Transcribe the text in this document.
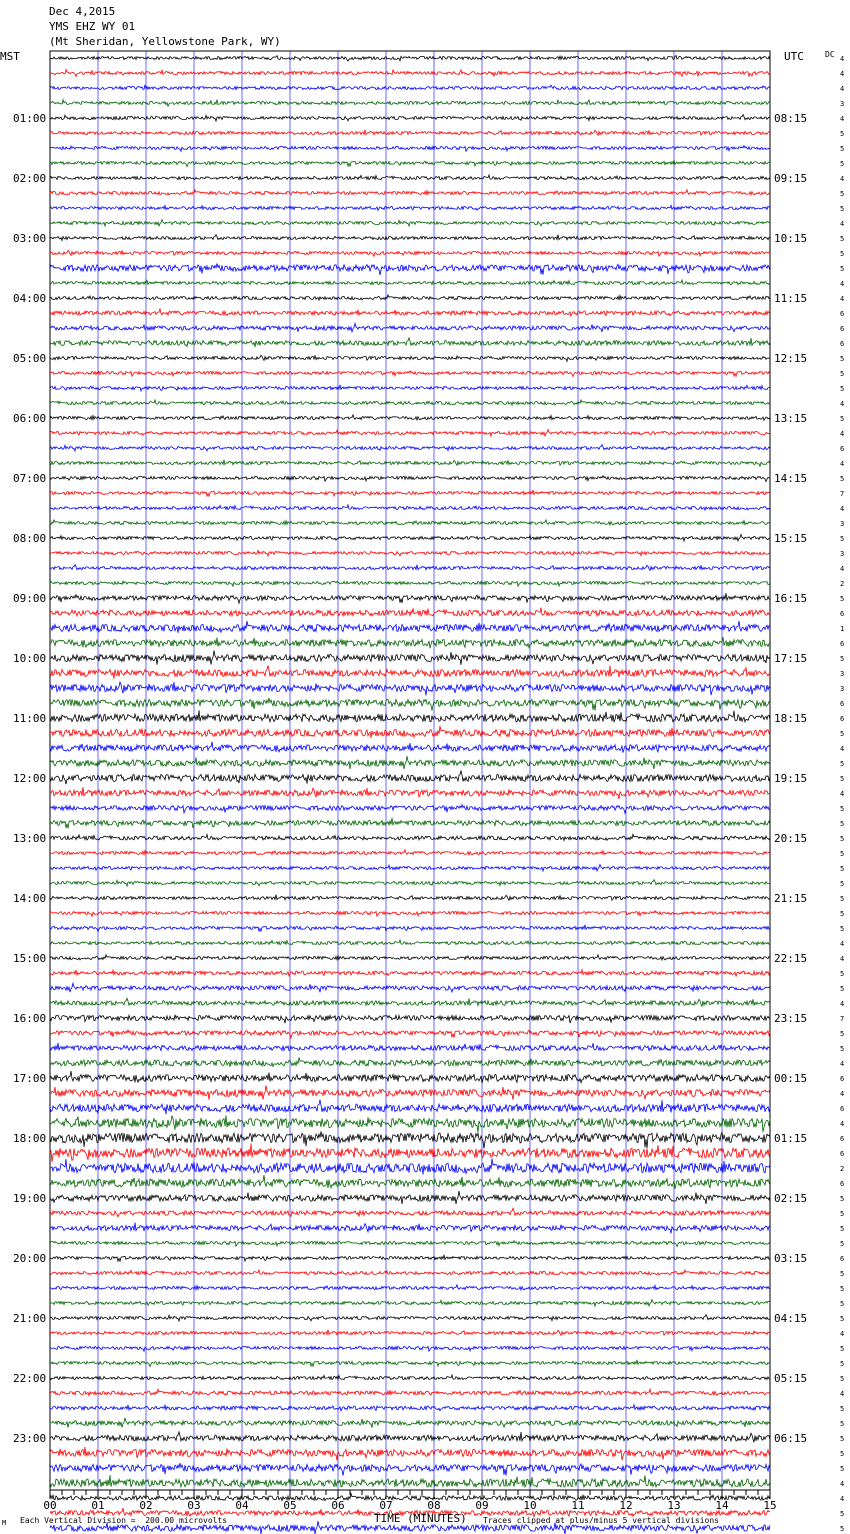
Dec 4,2015
YMS EHZ WY 01
(Mt Sheridan, Yellowstone Park, WY)
MST	UTC	DC 4
4
4
3
4
5
5
5
4
5
5
4
5
5
5
4
4
6
6
6
5
5
5
4
5
4
6
4
5
7
4
3
5
3
4
2
5
6
1
6
5
3
3
6
6
5
4
5
5
4
5
5
5
5
5
5
5
5
5
4
4
5
5
4
7
5
5
4
6
4
6
4
6
6
2
6
5
5
5
5
6
5
5
5
5
4
5
5
5
4
5
5
5
5
5
4
4
5
5
01:00	08:15
02:00	09:15
03:00	10:15
04:00	11:15
05:00	12:15
06:00	13:15
07:00	14:15
08:00	15:15
09:00	16:15
10:00	17:15
11:00	18:15
12:00	19:15
13:00	20:15
14:00	21:15
15:00	22:15
16:00	23:15
17:00	00:15
18:00	01:15
19:00	02:15
20:00	03:15
21:00	04:15
22:00	05:15
23:00	06:15
00	01	02	03	04	05	06	07	08	09	10	11	12	13	14	15
M Each Vertical Division =  200.00 microvolts	TIME (MINUTES) Traces clipped at plus/minus 5 vertical divisions
